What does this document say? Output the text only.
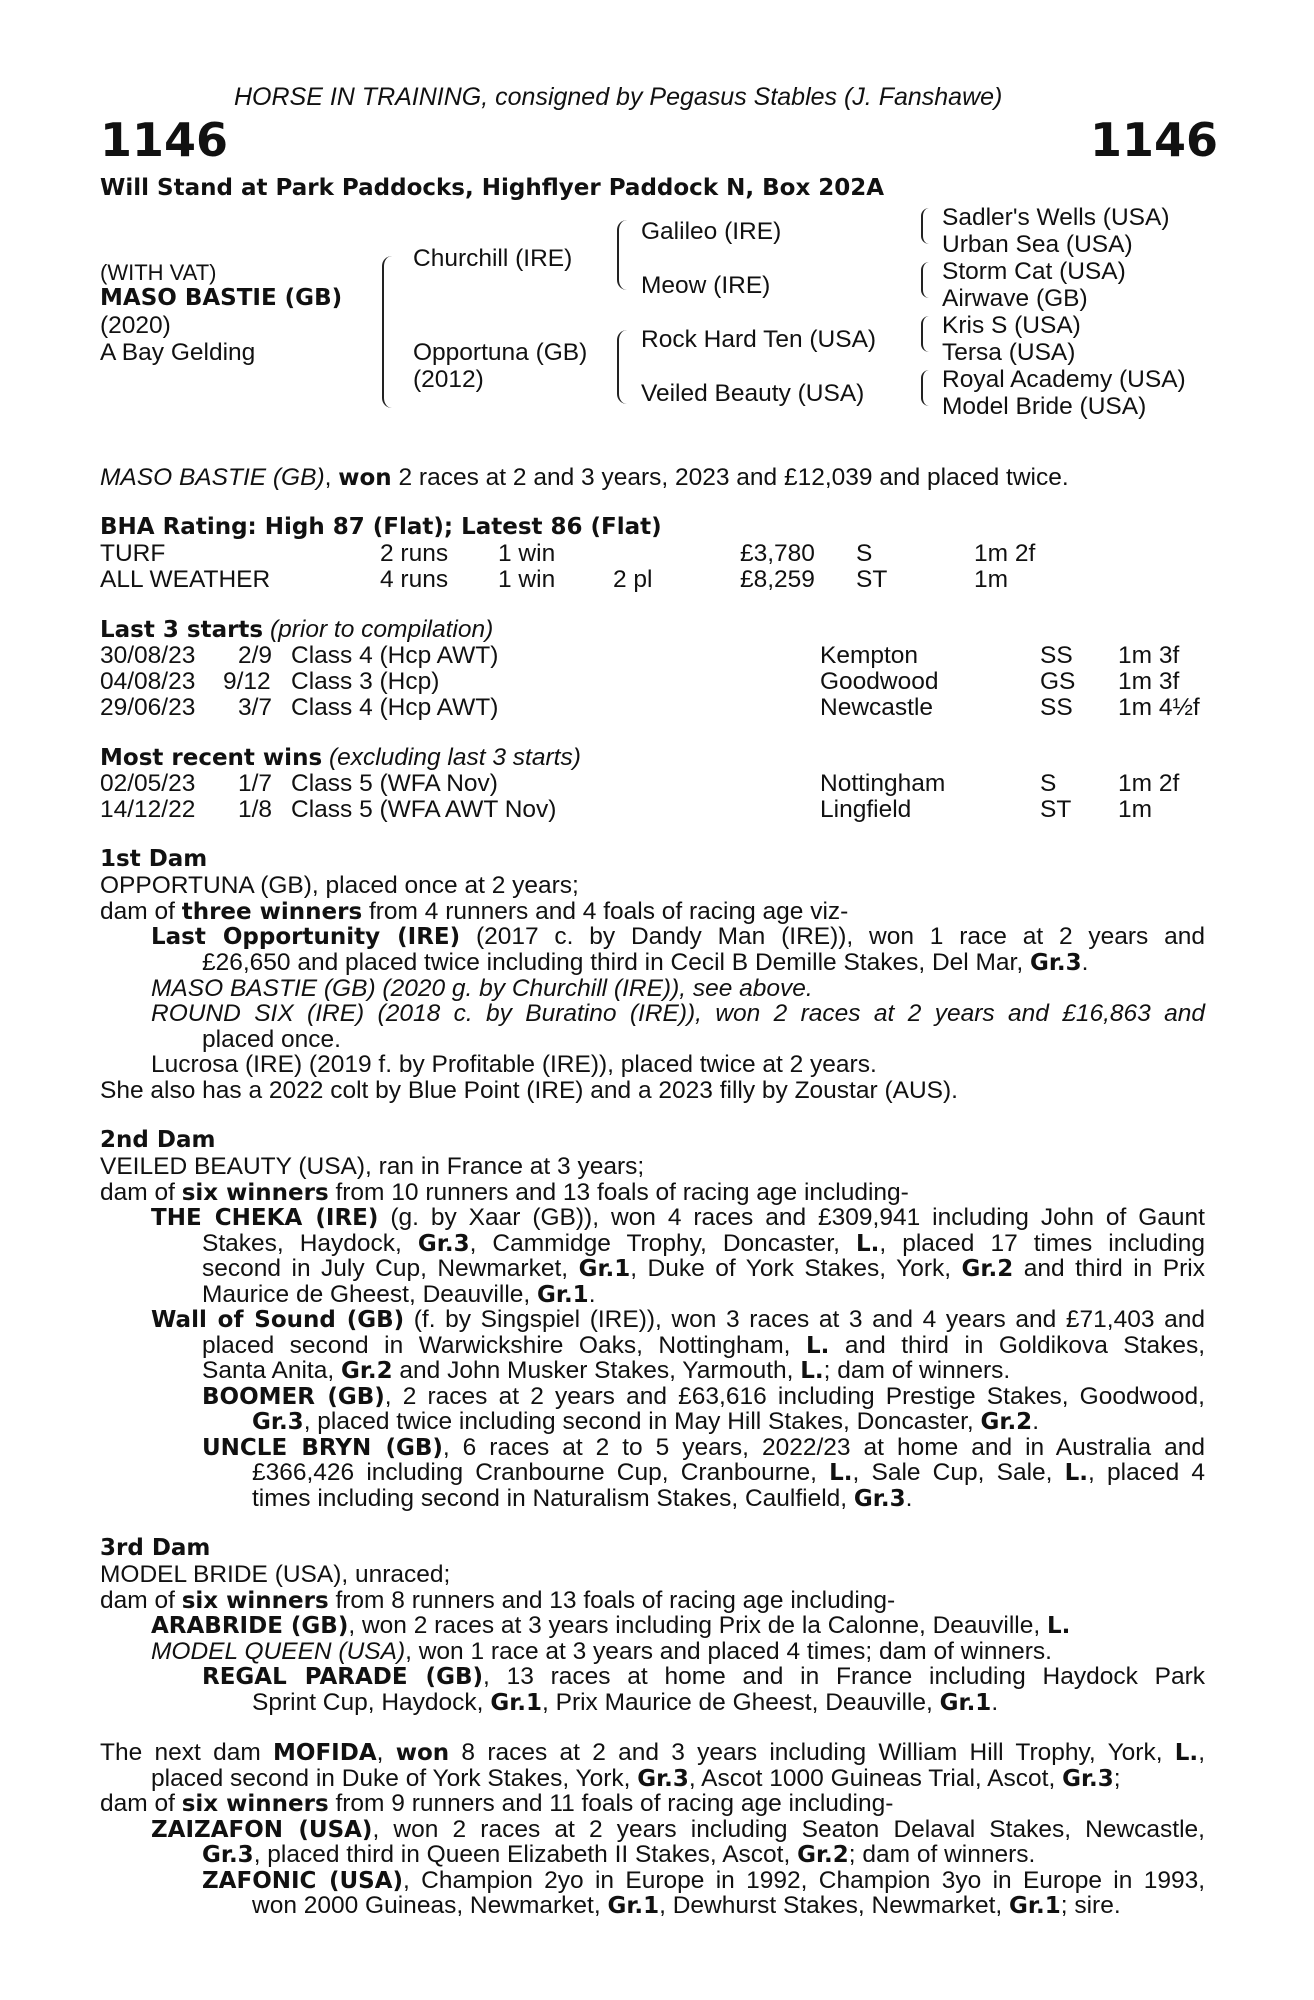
HORSE IN TRAINING, consigned by Pegasus Stables (J. Fanshawe)
1146	1146
Will Stand at Park Paddocks, Highflyer Paddock N, Box 202A
(WITH VAT)
MASO BASTIE (GB)
(2020)
A Bay Gelding
Churchill (IRE)
Opportuna (GB)
(2012)
Galileo (IRE)
Meow (IRE)
Rock Hard Ten (USA)
Veiled Beauty (USA)
Sadler's Wells (USA)
Urban Sea (USA)
Storm Cat (USA)
Airwave (GB)
Kris S (USA)
Tersa (USA)
Royal Academy (USA)
Model Bride (USA)
MASO BASTIE (GB), won 2 races at 2 and 3 years, 2023 and £12,039 and placed twice.
BHA Rating: High 87 (Flat); Latest 86 (Flat)
TURF	2 runs 1 win	£3,780 S	1m 2f
ALL WEATHER	4 runs 1 win 2 pl	£8,259 ST	1m
Last 3 starts (prior to compilation)
30/08/23 2/9 Class 4 (Hcp AWT)	Kempton	SS 1m 3f
04/08/23 9/12 Class 3 (Hcp)	Goodwood	GS 1m 3f
29/06/23 3/7 Class 4 (Hcp AWT)	Newcastle	SS 1m 4½f
Most recent wins (excluding last 3 starts)
02/05/23 1/7 Class 5 (WFA Nov)	Nottingham	S	1m 2f
14/12/22 1/8 Class 5 (WFA AWT Nov)	Lingfield	ST 1m
1st Dam
OPPORTUNA (GB), placed once at 2 years;
dam of three winners from 4 runners and 4 foals of racing age viz-
Last Opportunity (IRE) (2017 c. by Dandy Man (IRE)), won 1 race at 2 years and
£26,650 and placed twice including third in Cecil B Demille Stakes, Del Mar, Gr.3.
MASO BASTIE (GB) (2020 g. by Churchill (IRE)), see above.
ROUND SIX (IRE) (2018 c. by Buratino (IRE)), won 2 races at 2 years and £16,863 and
placed once.
Lucrosa (IRE) (2019 f. by Profitable (IRE)), placed twice at 2 years.
She also has a 2022 colt by Blue Point (IRE) and a 2023 filly by Zoustar (AUS).
2nd Dam
VEILED BEAUTY (USA), ran in France at 3 years;
dam of six winners from 10 runners and 13 foals of racing age including-
THE CHEKA (IRE) (g. by Xaar (GB)), won 4 races and £309,941 including John of Gaunt
Stakes, Haydock, Gr.3, Cammidge Trophy, Doncaster, L., placed 17 times including
second in July Cup, Newmarket, Gr.1, Duke of York Stakes, York, Gr.2 and third in Prix
Maurice de Gheest, Deauville, Gr.1.
Wall of Sound (GB) (f. by Singspiel (IRE)), won 3 races at 3 and 4 years and £71,403 and
placed second in Warwickshire Oaks, Nottingham, L. and third in Goldikova Stakes,
Santa Anita, Gr.2 and John Musker Stakes, Yarmouth, L.; dam of winners.
BOOMER (GB), 2 races at 2 years and £63,616 including Prestige Stakes, Goodwood,
Gr.3, placed twice including second in May Hill Stakes, Doncaster, Gr.2.
UNCLE BRYN (GB), 6 races at 2 to 5 years, 2022/23 at home and in Australia and
£366,426 including Cranbourne Cup, Cranbourne, L., Sale Cup, Sale, L., placed 4
times including second in Naturalism Stakes, Caulfield, Gr.3.
3rd Dam
MODEL BRIDE (USA), unraced;
dam of six winners from 8 runners and 13 foals of racing age including-
ARABRIDE (GB), won 2 races at 3 years including Prix de la Calonne, Deauville, L.
MODEL QUEEN (USA), won 1 race at 3 years and placed 4 times; dam of winners.
REGAL PARADE (GB), 13 races at home and in France including Haydock Park
Sprint Cup, Haydock, Gr.1, Prix Maurice de Gheest, Deauville, Gr.1.
The next dam MOFIDA, won 8 races at 2 and 3 years including William Hill Trophy, York, L.,
placed second in Duke of York Stakes, York, Gr.3, Ascot 1000 Guineas Trial, Ascot, Gr.3;
dam of six winners from 9 runners and 11 foals of racing age including-
ZAIZAFON (USA), won 2 races at 2 years including Seaton Delaval Stakes, Newcastle,
Gr.3, placed third in Queen Elizabeth II Stakes, Ascot, Gr.2; dam of winners.
ZAFONIC (USA), Champion 2yo in Europe in 1992, Champion 3yo in Europe in 1993,
won 2000 Guineas, Newmarket, Gr.1, Dewhurst Stakes, Newmarket, Gr.1; sire.
